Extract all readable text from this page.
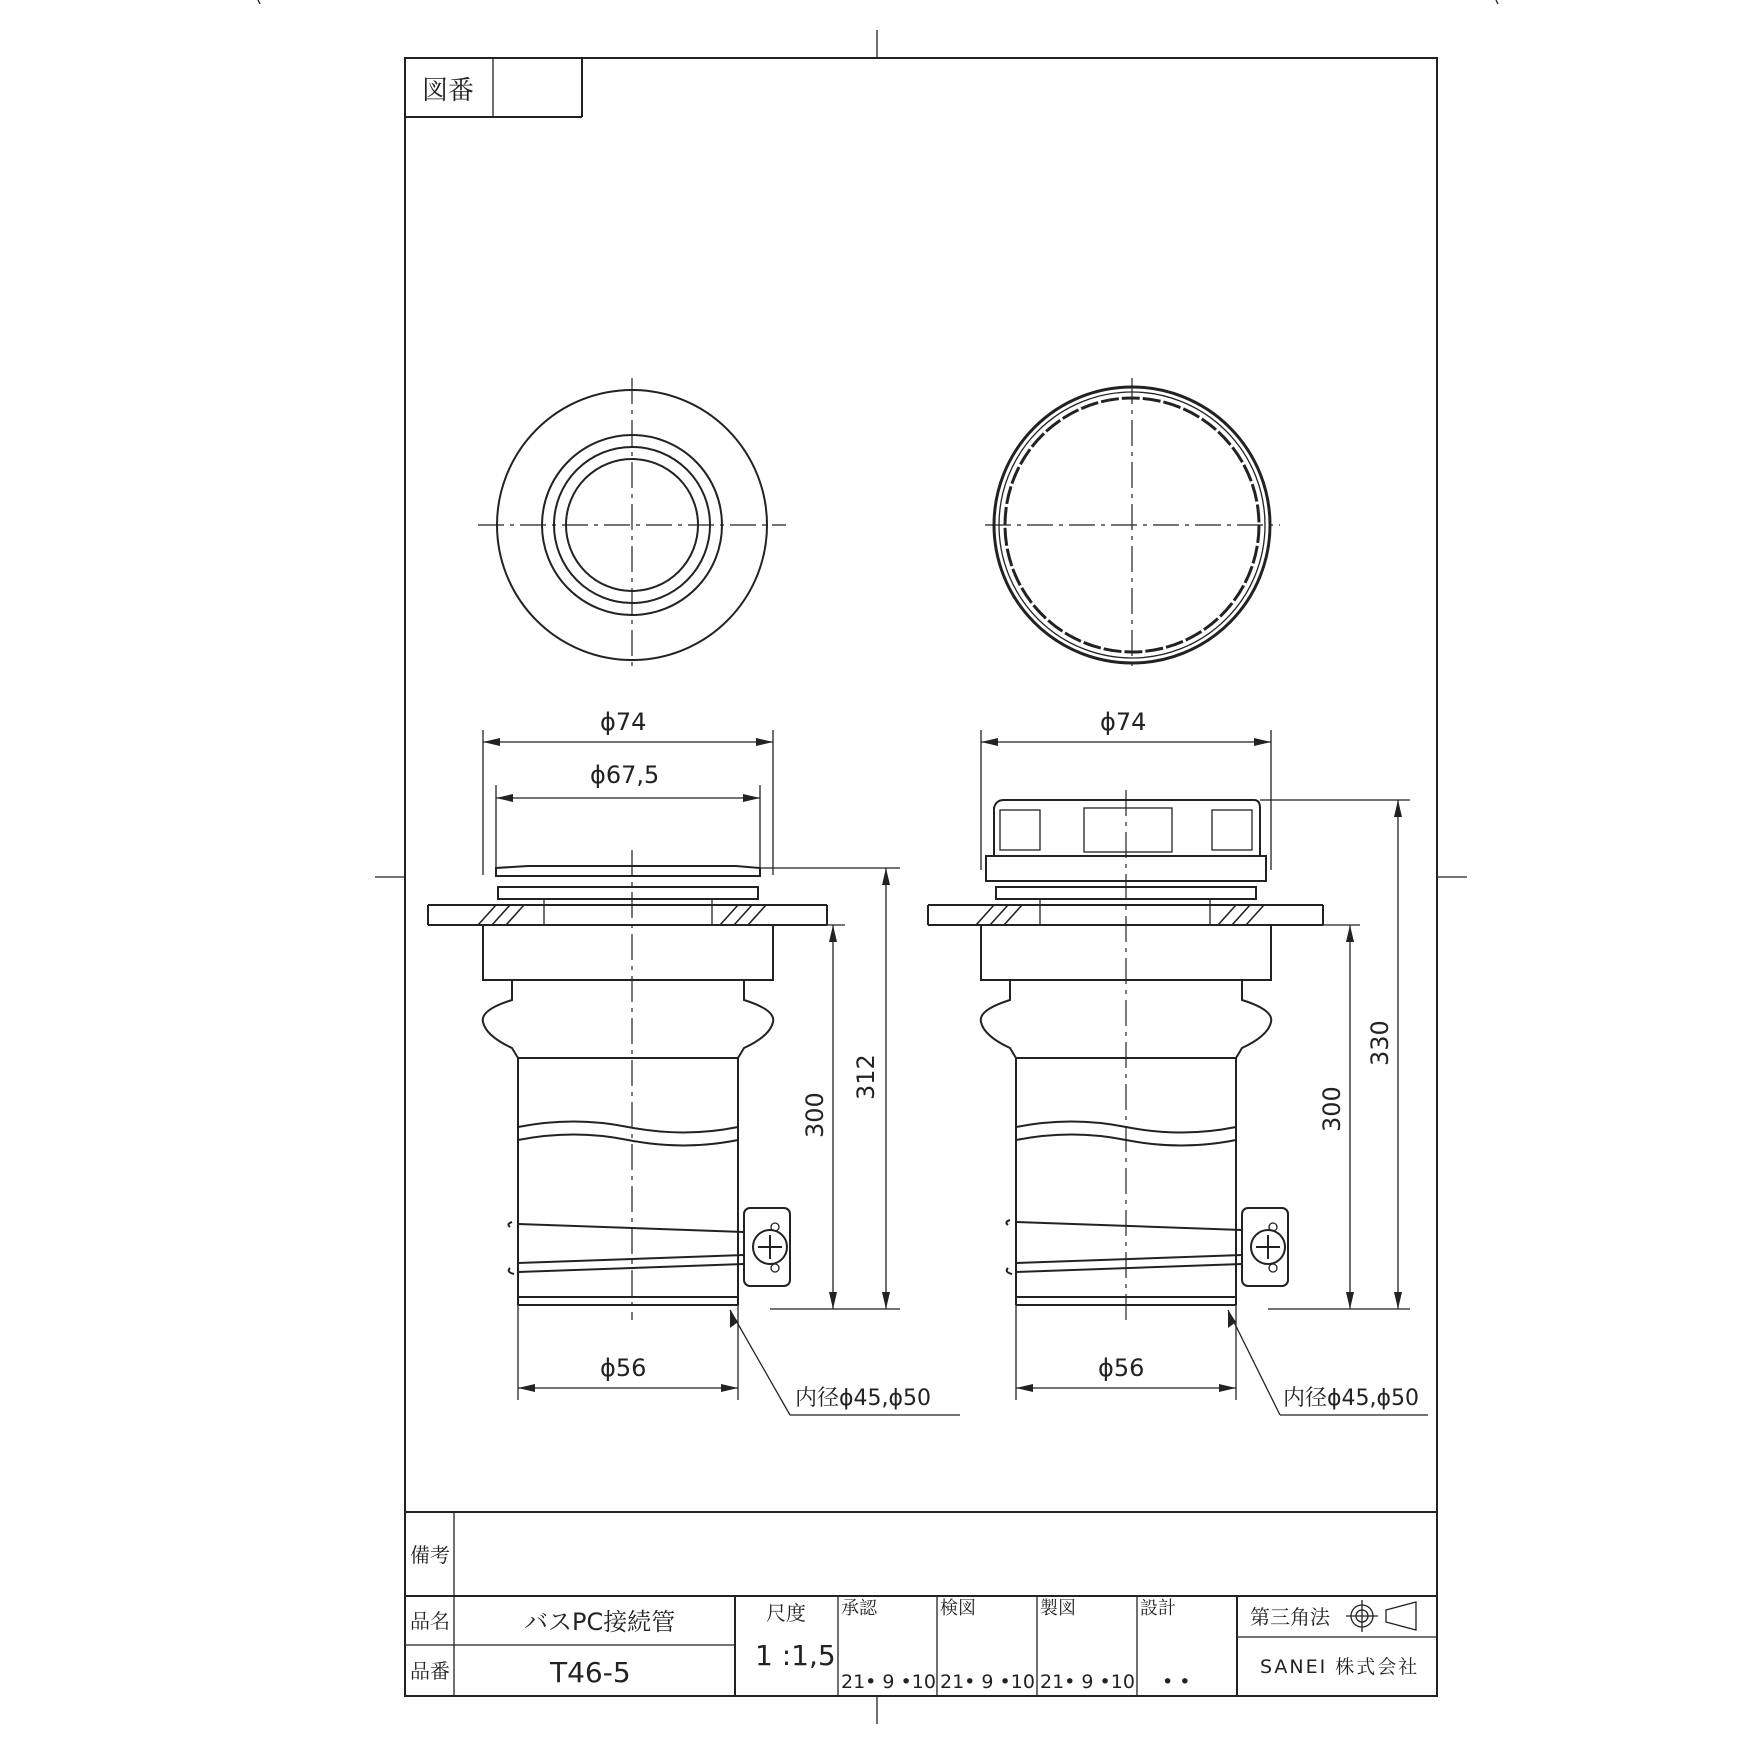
図番
ϕ74
ϕ67,5
300
312
ϕ56
内径ϕ45,ϕ50
ϕ74
300
330
ϕ56
内径ϕ45,ϕ50
備考
品名	バスPC接続管
品番	T46-5
尺度
1 :1,5
承認
21• 9 •10
検図
21• 9 •10
製図
21• 9 •10
設計
• •
第三角法
SANEI 株式会社
